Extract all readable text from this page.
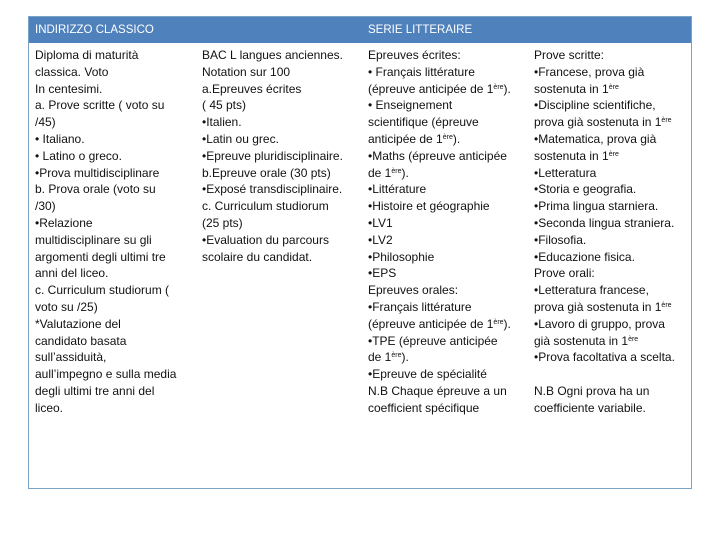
INDIRIZZO CLASSICO	SERIE LITTERAIRE
Diploma di maturità
classica. Voto
In centesimi.
a. Prove scritte ( voto su
/45)
• Italiano.
• Latino o greco.
•Prova multidisciplinare
b. Prova orale (voto su
/30)
•Relazione
multidisciplinare su gli
argomenti degli ultimi tre
anni del liceo.
c. Curriculum studiorum (
voto su /25)
*Valutazione del
candidato basata
sull’assiduità,
aull’impegno e sulla media
degli ultimi tre anni del
liceo.
BAC L langues anciennes.
Notation sur 100
a.Epreuves écrites
( 45 pts)
•Italien.
•Latin ou grec.
•Epreuve pluridisciplinaire.
b.Epreuve orale (30 pts)
•Exposé transdisciplinaire.
c. Curriculum studiorum
(25 pts)
•Evaluation du parcours
scolaire du candidat.
Epreuves écrites:
• Français littérature
(épreuve anticipée de 1ère).
• Enseignement
scientifique (épreuve
anticipée de 1ère).
•Maths (épreuve anticipée
de 1ère).
•Littérature
•Histoire et géographie
•LV1
•LV2
•Philosophie
•EPS
Epreuves orales:
•Français littérature
(épreuve anticipée de 1ère).
•TPE (épreuve anticipée
de 1ère).
•Epreuve de spécialité
N.B Chaque épreuve a un
coefficient spécifique
Prove scritte:
•Francese, prova già
sostenuta in 1ère
•Discipline scientifiche,
prova già sostenuta in 1ère
•Matematica, prova già
sostenuta in 1ère
•Letteratura
•Storia e geografia.
•Prima lingua starniera.
•Seconda lingua straniera.
•Filosofia.
•Educazione fisica.
Prove orali:
•Letteratura francese,
prova già sostenuta in 1ère
•Lavoro di gruppo, prova
già sostenuta in 1ère
•Prova facoltativa a scelta.
N.B Ogni prova ha un
coefficiente variabile.
